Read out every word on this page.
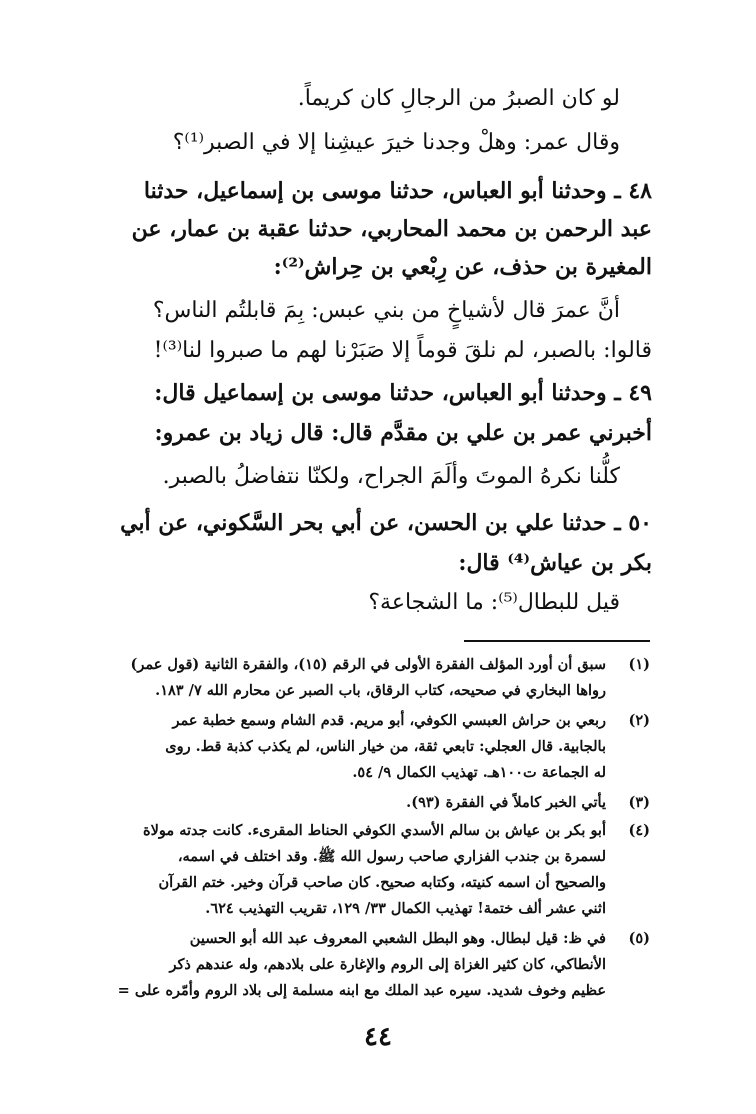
لو كان الصبرُ من الرجالِ كان كريماً.
وقال عمر: وهلْ وجدنا خيرَ عيشِنا إلا في الصبر⁽¹⁾؟
٤٨ ـ وحدثنا أبو العباس، حدثنا موسى بن إسماعيل، حدثنا
عبد الرحمن بن محمد المحاربي، حدثنا عقبة بن عمار، عن
المغيرة بن حذف، عن رِبْعي بن حِراش⁽²⁾:
أنَّ عمرَ قال لأشياخٍ من بني عبس: بِمَ قابلتُم الناس؟
قالوا: بالصبر، لم نلقَ قوماً إلا صَبَرْنا لهم ما صبروا لنا⁽³⁾!
٤٩ ـ وحدثنا أبو العباس، حدثنا موسى بن إسماعيل قال:
أخبرني عمر بن علي بن مقدَّم قال: قال زياد بن عمرو:
كلُّنا نكرهُ الموتَ وألَمَ الجراح، ولكنّا نتفاضلُ بالصبر.
٥٠ ـ حدثنا علي بن الحسن، عن أبي بحر السَّكوني، عن أبي
بكر بن عياش⁽⁴⁾ قال:
قيل للبطال⁽⁵⁾: ما الشجاعة؟
(١)
سبق أن أورد المؤلف الفقرة الأولى في الرقم (١٥)، والفقرة الثانية (قول عمر)
رواها البخاري في صحيحه، كتاب الرقاق، باب الصبر عن محارم الله ٧/ ١٨٣.
(٢)
ربعي بن حراش العبسي الكوفي، أبو مريم. قدم الشام وسمع خطبة عمر
بالجابية. قال العجلي: تابعي ثقة، من خيار الناس، لم يكذب كذبة قط. روى
له الجماعة ت١٠٠هـ. تهذيب الكمال ٩/ ٥٤.
(٣)
يأتي الخبر كاملاً في الفقرة (٩٣).
(٤)
أبو بكر بن عياش بن سالم الأسدي الكوفي الحناط المقرىء. كانت جدته مولاة
لسمرة بن جندب الفزاري صاحب رسول الله ﷺ. وقد اختلف في اسمه،
والصحيح أن اسمه كنيته، وكتابه صحيح. كان صاحب قرآن وخير. ختم القرآن
اثني عشر ألف ختمة! تهذيب الكمال ٣٣/ ١٢٩، تقريب التهذيب ٦٢٤.
(٥)
في ظ: قيل لبطال. وهو البطل الشعبي المعروف عبد الله أبو الحسين
الأنطاكي، كان كثير الغزاة إلى الروم والإغارة على بلادهم، وله عندهم ذكر
عظيم وخوف شديد. سيره عبد الملك مع ابنه مسلمة إلى بلاد الروم وأمّره على =
٤٤
